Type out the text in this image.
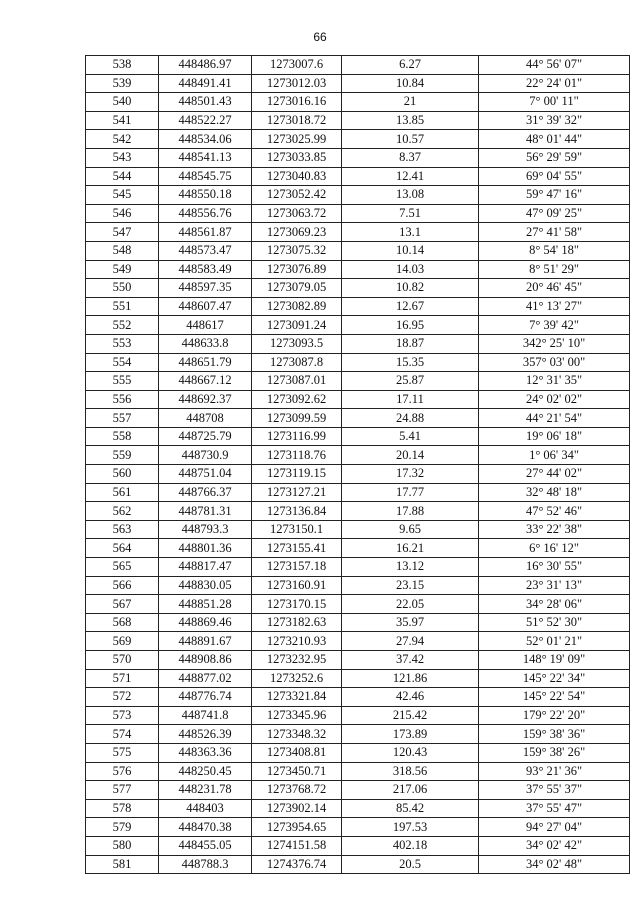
66
538	448486.97	1273007.6	6.27	44° 56' 07"
539	448491.41	1273012.03	10.84	22° 24' 01"
540	448501.43	1273016.16	21	7° 00' 11"
541	448522.27	1273018.72	13.85	31° 39' 32"
542	448534.06	1273025.99	10.57	48° 01' 44"
543	448541.13	1273033.85	8.37	56° 29' 59"
544	448545.75	1273040.83	12.41	69° 04' 55"
545	448550.18	1273052.42	13.08	59° 47' 16"
546	448556.76	1273063.72	7.51	47° 09' 25"
547	448561.87	1273069.23	13.1	27° 41' 58"
548	448573.47	1273075.32	10.14	8° 54' 18"
549	448583.49	1273076.89	14.03	8° 51' 29"
550	448597.35	1273079.05	10.82	20° 46' 45"
551	448607.47	1273082.89	12.67	41° 13' 27"
552	448617	1273091.24	16.95	7° 39' 42"
553	448633.8	1273093.5	18.87	342° 25' 10"
554	448651.79	1273087.8	15.35	357° 03' 00"
555	448667.12	1273087.01	25.87	12° 31' 35"
556	448692.37	1273092.62	17.11	24° 02' 02"
557	448708	1273099.59	24.88	44° 21' 54"
558	448725.79	1273116.99	5.41	19° 06' 18"
559	448730.9	1273118.76	20.14	1° 06' 34"
560	448751.04	1273119.15	17.32	27° 44' 02"
561	448766.37	1273127.21	17.77	32° 48' 18"
562	448781.31	1273136.84	17.88	47° 52' 46"
563	448793.3	1273150.1	9.65	33° 22' 38"
564	448801.36	1273155.41	16.21	6° 16' 12"
565	448817.47	1273157.18	13.12	16° 30' 55"
566	448830.05	1273160.91	23.15	23° 31' 13"
567	448851.28	1273170.15	22.05	34° 28' 06"
568	448869.46	1273182.63	35.97	51° 52' 30"
569	448891.67	1273210.93	27.94	52° 01' 21"
570	448908.86	1273232.95	37.42	148° 19' 09"
571	448877.02	1273252.6	121.86	145° 22' 34"
572	448776.74	1273321.84	42.46	145° 22' 54"
573	448741.8	1273345.96	215.42	179° 22' 20"
574	448526.39	1273348.32	173.89	159° 38' 36"
575	448363.36	1273408.81	120.43	159° 38' 26"
576	448250.45	1273450.71	318.56	93° 21' 36"
577	448231.78	1273768.72	217.06	37° 55' 37"
578	448403	1273902.14	85.42	37° 55' 47"
579	448470.38	1273954.65	197.53	94° 27' 04"
580	448455.05	1274151.58	402.18	34° 02' 42"
581	448788.3	1274376.74	20.5	34° 02' 48"
